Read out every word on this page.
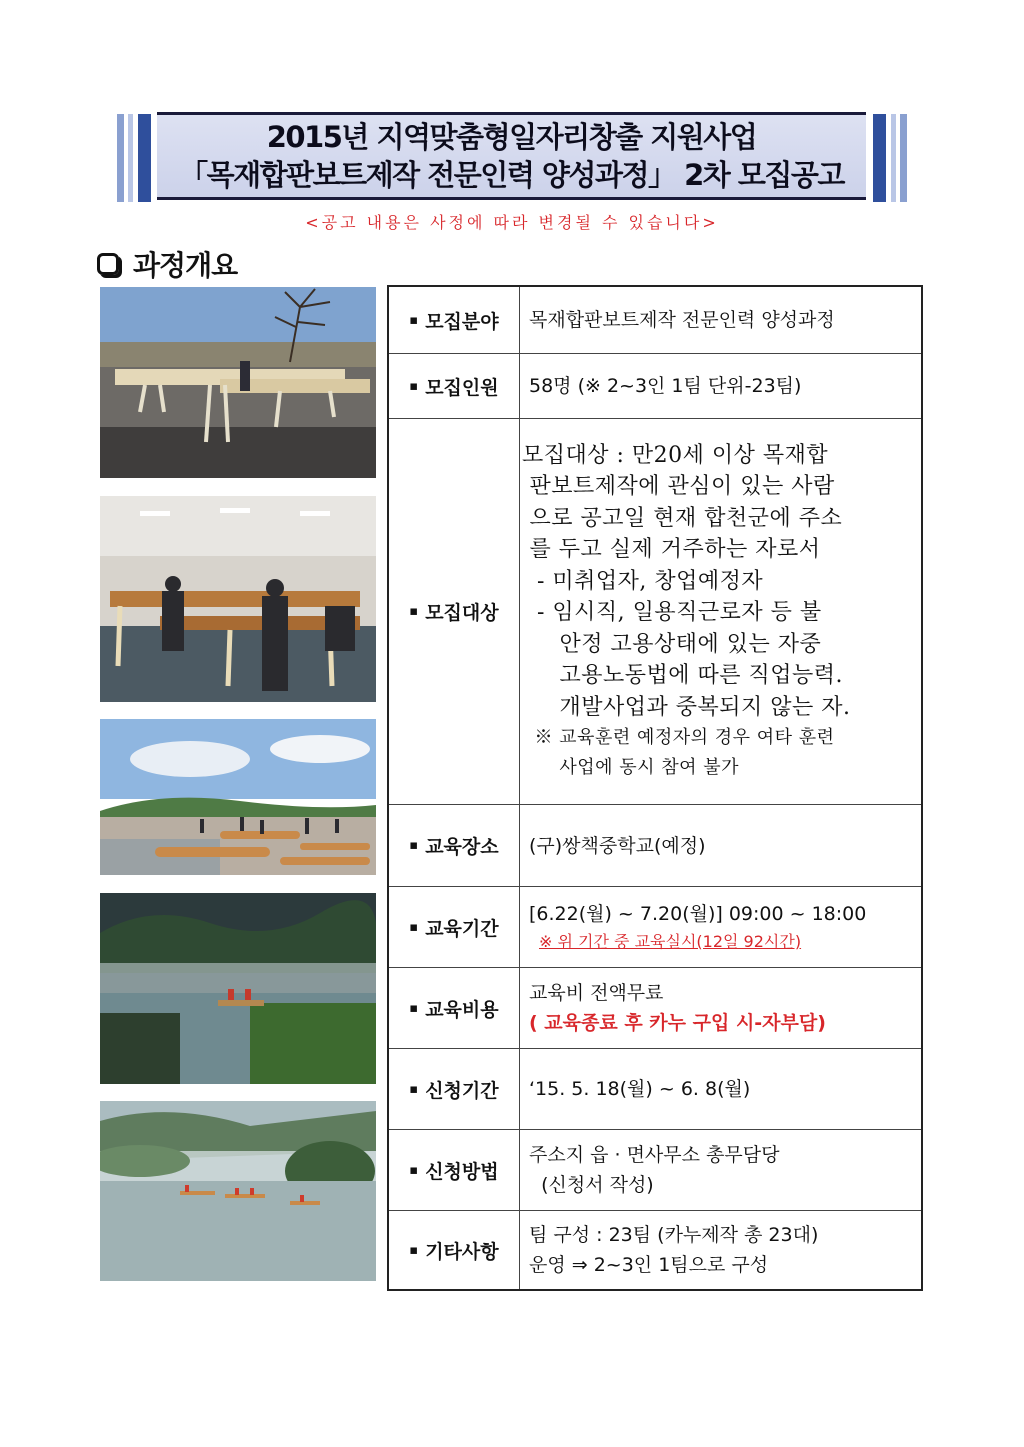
2015년 지역맞춤형일자리창출 지원사업
「목재합판보트제작 전문인력 양성과정」 2차 모집공고
<공고 내용은 사정에 따라 변경될 수 있습니다>
과정개요
▪ 모집분야 목재합판보트제작 전문인력 양성과정
▪ 모집인원 58명 (※ 2~3인 1팀 단위-23팀)
▪ 모집대상
모집대상 : 만20세 이상 목재합
판보트제작에 관심이 있는 사람
으로 공고일 현재 합천군에 주소
를 두고 실제 거주하는 자로서
- 미취업자, 창업예정자
- 임시직, 일용직근로자 등 불
안정 고용상태에 있는 자중
고용노동법에 따른 직업능력.
개발사업과 중복되지 않는 자.
※ 교육훈련 예정자의 경우 여타 훈련
사업에 동시 참여 불가
▪ 교육장소 (구)쌍책중학교(예정)
▪ 교육기간
[6.22(월) ~ 7.20(월)] 09:00 ~ 18:00
※ 위 기간 중 교육실시(12일 92시간)
▪ 교육비용
교육비 전액무료
( 교육종료 후 카누 구입 시-자부담)
▪ 신청기간 ‘15. 5. 18(월) ~ 6. 8(월)
▪ 신청방법
주소지 읍 · 면사무소 총무담당
(신청서 작성)
▪ 기타사항
팀 구성 : 23팀 (카누제작 총 23대)
운영 ⇒ 2~3인 1팀으로 구성
